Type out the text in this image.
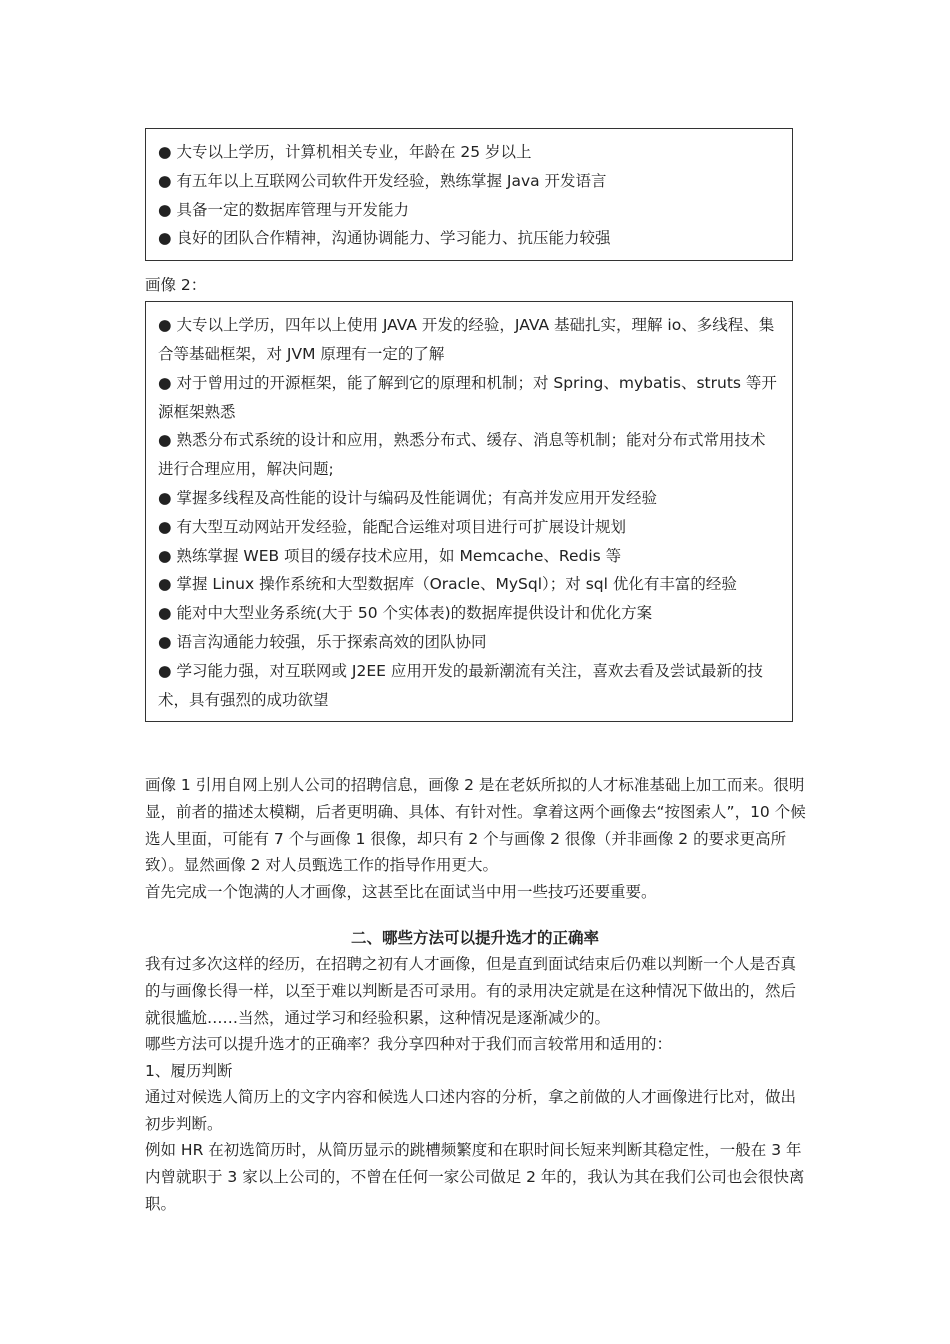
● 大专以上学历，计算机相关专业，年龄在 25 岁以上

● 有五年以上互联网公司软件开发经验，熟练掌握 Java 开发语言

● 具备一定的数据库管理与开发能力

● 良好的团队合作精神，沟通协调能力、学习能力、抗压能力较强

画像 2：

● 大专以上学历，四年以上使用 JAVA 开发的经验，JAVA 基础扎实，理解 io、多线程、集合等基础框架，对 JVM 原理有一定的了解

● 对于曾用过的开源框架，能了解到它的原理和机制；对 Spring、mybatis、struts 等开源框架熟悉

● 熟悉分布式系统的设计和应用，熟悉分布式、缓存、消息等机制；能对分布式常用技术进行合理应用，解决问题;

● 掌握多线程及高性能的设计与编码及性能调优；有高并发应用开发经验

● 有大型互动网站开发经验，能配合运维对项目进行可扩展设计规划

● 熟练掌握 WEB 项目的缓存技术应用，如 Memcache、Redis 等

● 掌握 Linux 操作系统和大型数据库（Oracle、MySql）；对 sql 优化有丰富的经验

● 能对中大型业务系统(大于 50 个实体表)的数据库提供设计和优化方案

● 语言沟通能力较强，乐于探索高效的团队协同

● 学习能力强，对互联网或 J2EE 应用开发的最新潮流有关注，喜欢去看及尝试最新的技术，具有强烈的成功欲望

画像 1 引用自网上别人公司的招聘信息，画像 2 是在老妖所拟的人才标准基础上加工而来。很明显，前者的描述太模糊，后者更明确、具体、有针对性。拿着这两个画像去“按图索人”，10 个候选人里面，可能有 7 个与画像 1 很像，却只有 2 个与画像 2 很像（并非画像 2 的要求更高所致）。显然画像 2 对人员甄选工作的指导作用更大。

首先完成一个饱满的人才画像，这甚至比在面试当中用一些技巧还要重要。

二、哪些方法可以提升选才的正确率

我有过多次这样的经历，在招聘之初有人才画像，但是直到面试结束后仍难以判断一个人是否真的与画像长得一样，以至于难以判断是否可录用。有的录用决定就是在这种情况下做出的，然后就很尴尬……当然，通过学习和经验积累，这种情况是逐渐减少的。

哪些方法可以提升选才的正确率？我分享四种对于我们而言较常用和适用的：

1、履历判断

通过对候选人简历上的文字内容和候选人口述内容的分析，拿之前做的人才画像进行比对，做出初步判断。

例如 HR 在初选简历时，从简历显示的跳槽频繁度和在职时间长短来判断其稳定性，一般在 3 年内曾就职于 3 家以上公司的，不曾在任何一家公司做足 2 年的，我认为其在我们公司也会很快离职。
